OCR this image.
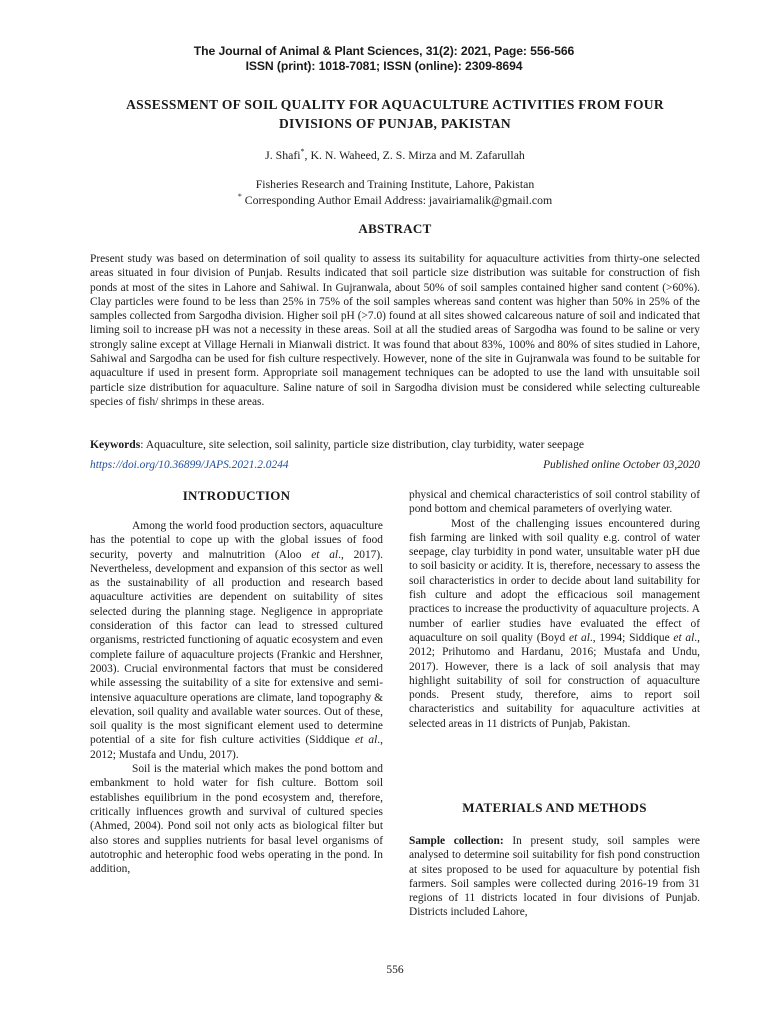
The Journal of Animal & Plant Sciences, 31(2): 2021, Page: 556-566
ISSN (print): 1018-7081; ISSN (online): 2309-8694
ASSESSMENT OF SOIL QUALITY FOR AQUACULTURE ACTIVITIES FROM FOUR
DIVISIONS OF PUNJAB, PAKISTAN
J. Shafi*, K. N. Waheed, Z. S. Mirza and M. Zafarullah
Fisheries Research and Training Institute, Lahore, Pakistan
* Corresponding Author Email Address: javairiamalik@gmail.com
ABSTRACT

Present study was based on determination of soil quality to assess its suitability for aquaculture activities from thirty-one selected areas situated in four division of Punjab. Results indicated that soil particle size distribution was suitable for construction of fish ponds at most of the sites in Lahore and Sahiwal. In Gujranwala, about 50% of soil samples contained higher sand content (>60%). Clay particles were found to be less than 25% in 75% of the soil samples whereas sand content was higher than 50% in 25% of the samples collected from Sargodha division. Higher soil pH (>7.0) found at all sites showed calcareous nature of soil and indicated that liming soil to increase pH was not a necessity in these areas. Soil at all the studied areas of Sargodha was found to be saline or very strongly saline except at Village Hernali in Mianwali district. It was found that about 83%, 100% and 80% of sites studied in Lahore, Sahiwal and Sargodha can be used for fish culture respectively. However, none of the site in Gujranwala was found to be suitable for aquaculture if used in present form. Appropriate soil management techniques can be adopted to use the land with unsuitable soil particle size distribution for aquaculture. Saline nature of soil in Sargodha division must be considered while selecting cultureable species of fish/ shrimps in these areas.

Keywords: Aquaculture, site selection, soil salinity, particle size distribution, clay turbidity, water seepage
https://doi.org/10.36899/JAPS.2021.2.0244	Published online October 03,2020
INTRODUCTION

Among the world food production sectors, aquaculture has the potential to cope up with the global issues of food security, poverty and malnutrition (Aloo et al., 2017). Nevertheless, development and expansion of this sector as well as the sustainability of all production and research based aquaculture activities are dependent on suitability of sites selected during the planning stage. Negligence in appropriate consideration of this factor can lead to stressed cultured organisms, restricted functioning of aquatic ecosystem and even complete failure of aquaculture projects (Frankic and Hershner, 2003). Crucial environmental factors that must be considered while assessing the suitability of a site for extensive and semi-intensive aquaculture operations are climate, land topography & elevation, soil quality and available water sources. Out of these, soil quality is the most significant element used to determine potential of a site for fish culture activities (Siddique et al., 2012; Mustafa and Undu, 2017).

Soil is the material which makes the pond bottom and embankment to hold water for fish culture. Bottom soil establishes equilibrium in the pond ecosystem and, therefore, critically influences growth and survival of cultured species (Ahmed, 2004). Pond soil not only acts as biological filter but also stores and supplies nutrients for basal level organisms of autotrophic and heterophic food webs operating in the pond. In addition,

physical and chemical characteristics of soil control stability of pond bottom and chemical parameters of overlying water.

Most of the challenging issues encountered during fish farming are linked with soil quality e.g. control of water seepage, clay turbidity in pond water, unsuitable water pH due to soil basicity or acidity. It is, therefore, necessary to assess the soil characteristics in order to decide about land suitability for fish culture and adopt the efficacious soil management practices to increase the productivity of aquaculture projects. A number of earlier studies have evaluated the effect of aquaculture on soil quality (Boyd et al., 1994; Siddique et al., 2012; Prihutomo and Hardanu, 2016; Mustafa and Undu, 2017). However, there is a lack of soil analysis that may highlight suitability of soil for construction of aquaculture ponds. Present study, therefore, aims to report soil characteristics and suitability for aquaculture activities at selected areas in 11 districts of Punjab, Pakistan.

MATERIALS AND METHODS

Sample collection: In present study, soil samples were analysed to determine soil suitability for fish pond construction at sites proposed to be used for aquaculture by potential fish farmers. Soil samples were collected during 2016-19 from 31 regions of 11 districts located in four divisions of Punjab. Districts included Lahore,

556
